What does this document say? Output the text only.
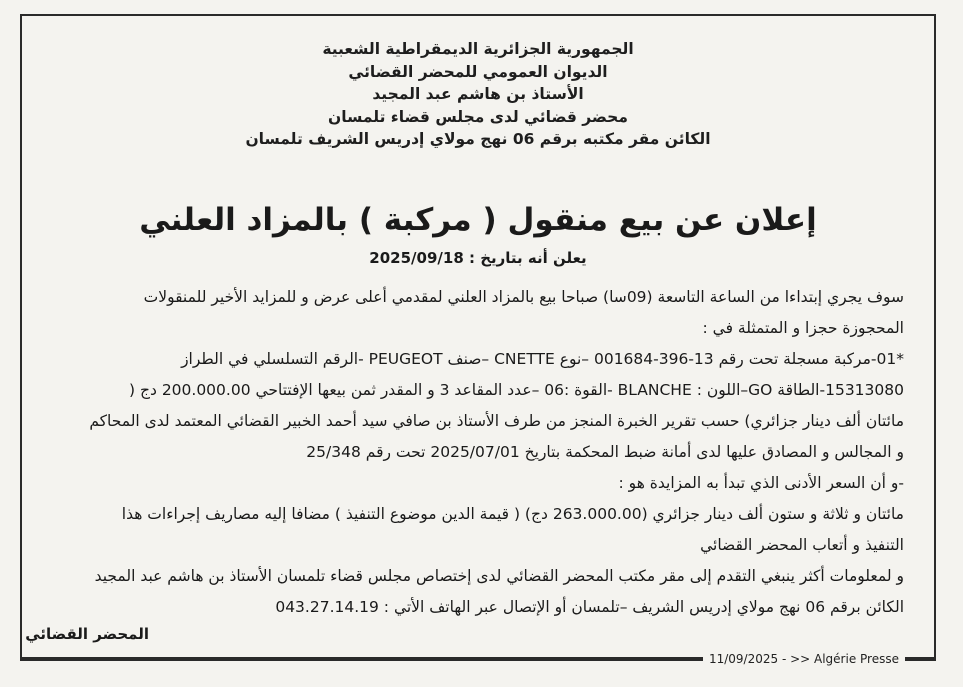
الجمهورية الجزائرية الديمقراطية الشعبية
الديوان العمومي للمحضر القضائي
الأستاذ بن هاشم عبد المجيد
محضر قضائي لدى مجلس قضاء تلمسان
الكائن مقر مكتبه برقم 06 نهج مولاي إدريس الشريف تلمسان
إعلان عن بيع منقول ( مركبة ) بالمزاد العلني
يعلن أنه بتاريخ : 2025/09/18

سوف يجري إبتداءا من الساعة التاسعة (09سا) صباحا بيع بالمزاد العلني لمقدمي أعلى عرض و للمزايد الأخير للمنقولات

المحجوزة حجزا و المتمثلة في :

*01-مركبة مسجلة تحت رقم 13-396-001684 –نوع CNETTE –صنف PEUGEOT -الرقم التسلسلي في الطراز

15313080-الطاقة GO–اللون : BLANCHE -القوة :06 –عدد المقاعد 3 و المقدر ثمن بيعها الإفتتاحي 200.000.00 دج (

مائتان ألف دينار جزائري) حسب تقرير الخبرة المنجز من طرف الأستاذ بن صافي سيد أحمد الخبير القضائي المعتمد لدى المحاكم

و المجالس و المصادق عليها لدى أمانة ضبط المحكمة بتاريخ 2025/07/01 تحت رقم 25/348

-و أن السعر الأدنى الذي تبدأ به المزايدة هو :

مائتان و ثلاثة و ستون ألف دينار جزائري (263.000.00 دج) ( قيمة الدين موضوع التنفيذ ) مضافا إليه مصاريف إجراءات هذا

التنفيذ و أتعاب المحضر القضائي

و لمعلومات أكثر ينبغي التقدم إلى مقر مكتب المحضر القضائي لدى إختصاص مجلس قضاء تلمسان الأستاذ بن هاشم عبد المجيد

الكائن برقم 06 نهج مولاي إدريس الشريف –تلمسان أو الإتصال عبر الهاتف الأتي : 043.27.14.19

المحضر القضائي
11/09/2025 - >> Algérie Presse
